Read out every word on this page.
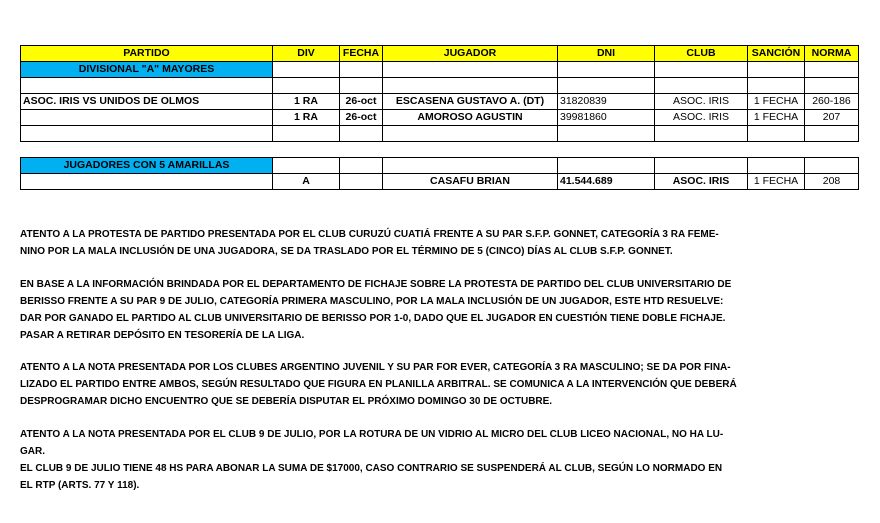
PARTIDO	DIV	FECHA	JUGADOR	DNI	CLUB	SANCIÓN	NORMA
DIVISIONAL "A" MAYORES							

ASOC. IRIS VS UNIDOS DE OLMOS	1 RA	26-oct	ESCASENA GUSTAVO A. (DT)	31820839	ASOC. IRIS	1 FECHA	260-186
	1 RA	26-oct	AMOROSO AGUSTIN	39981860	ASOC. IRIS	1 FECHA	207

JUGADORES CON 5 AMARILLAS							
	A		CASAFU BRIAN	41.544.689	ASOC. IRIS	1 FECHA	208

ATENTO A LA PROTESTA DE PARTIDO PRESENTADA POR EL CLUB CURUZÚ CUATIÁ FRENTE A SU PAR S.F.P. GONNET, CATEGORÍA 3 RA FEME-

NINO POR LA MALA INCLUSIÓN DE UNA JUGADORA, SE DA TRASLADO POR EL TÉRMINO DE 5 (CINCO) DÍAS AL CLUB S.F.P. GONNET.

EN BASE A LA INFORMACIÓN BRINDADA POR EL DEPARTAMENTO DE FICHAJE SOBRE LA PROTESTA DE PARTIDO DEL CLUB UNIVERSITARIO DE

BERISSO FRENTE A SU PAR 9 DE JULIO, CATEGORÍA PRIMERA MASCULINO, POR LA MALA INCLUSIÓN DE UN JUGADOR, ESTE HTD RESUELVE:

DAR POR GANADO EL PARTIDO AL CLUB UNIVERSITARIO DE BERISSO POR 1-0, DADO QUE EL JUGADOR EN CUESTIÓN TIENE DOBLE FICHAJE.

PASAR A RETIRAR DEPÓSITO EN TESORERÍA DE LA LIGA.

ATENTO A LA NOTA PRESENTADA POR LOS CLUBES ARGENTINO JUVENIL Y SU PAR FOR EVER, CATEGORÍA 3 RA MASCULINO; SE DA POR FINA-

LIZADO EL PARTIDO ENTRE AMBOS, SEGÚN RESULTADO QUE FIGURA EN PLANILLA ARBITRAL. SE COMUNICA A LA INTERVENCIÓN QUE DEBERÁ

DESPROGRAMAR DICHO ENCUENTRO QUE SE DEBERÍA DISPUTAR EL PRÓXIMO DOMINGO 30 DE OCTUBRE.

ATENTO A LA NOTA PRESENTADA POR EL CLUB 9 DE JULIO, POR LA ROTURA DE UN VIDRIO AL MICRO DEL CLUB LICEO NACIONAL, NO HA LU-

GAR.

EL CLUB 9 DE JULIO TIENE 48 HS PARA ABONAR LA SUMA DE $17000, CASO CONTRARIO SE SUSPENDERÁ AL CLUB, SEGÚN LO NORMADO EN

EL RTP (ARTS. 77 Y 118).
